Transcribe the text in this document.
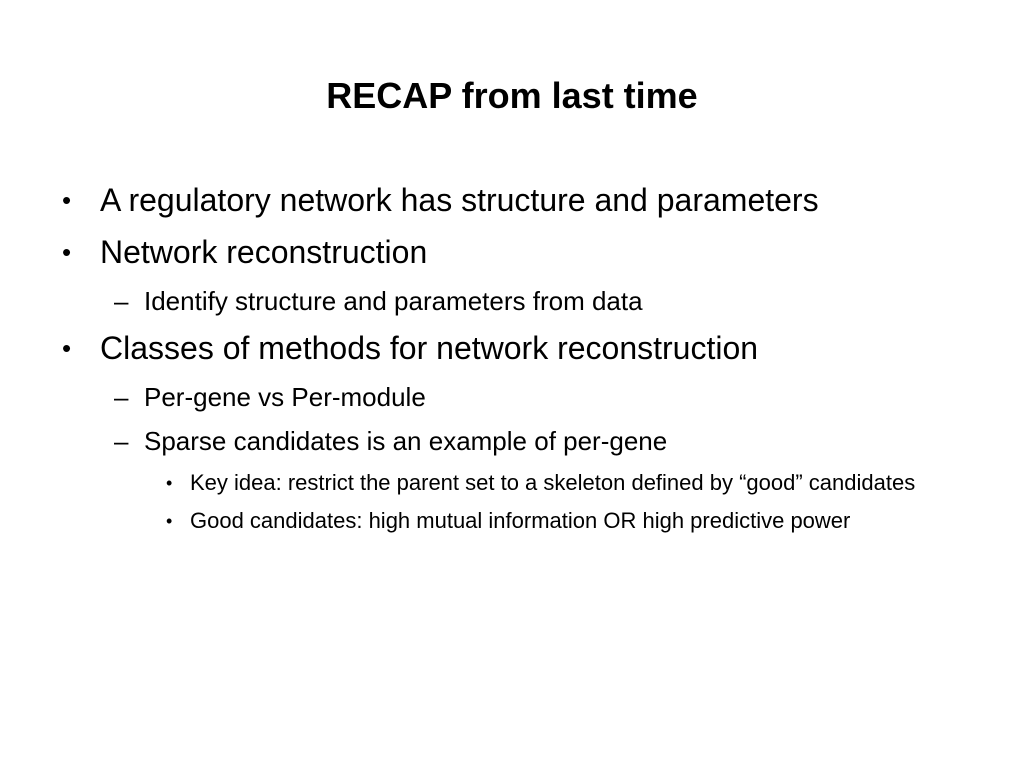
RECAP from last time
• A regulatory network has structure and parameters
• Network reconstruction
– Identify structure and parameters from data
• Classes of methods for network reconstruction
– Per-gene vs Per-module
– Sparse candidates is an example of per-gene
• Key idea: restrict the parent set to a skeleton defined by “good” candidates
• Good candidates: high mutual information OR high predictive power
